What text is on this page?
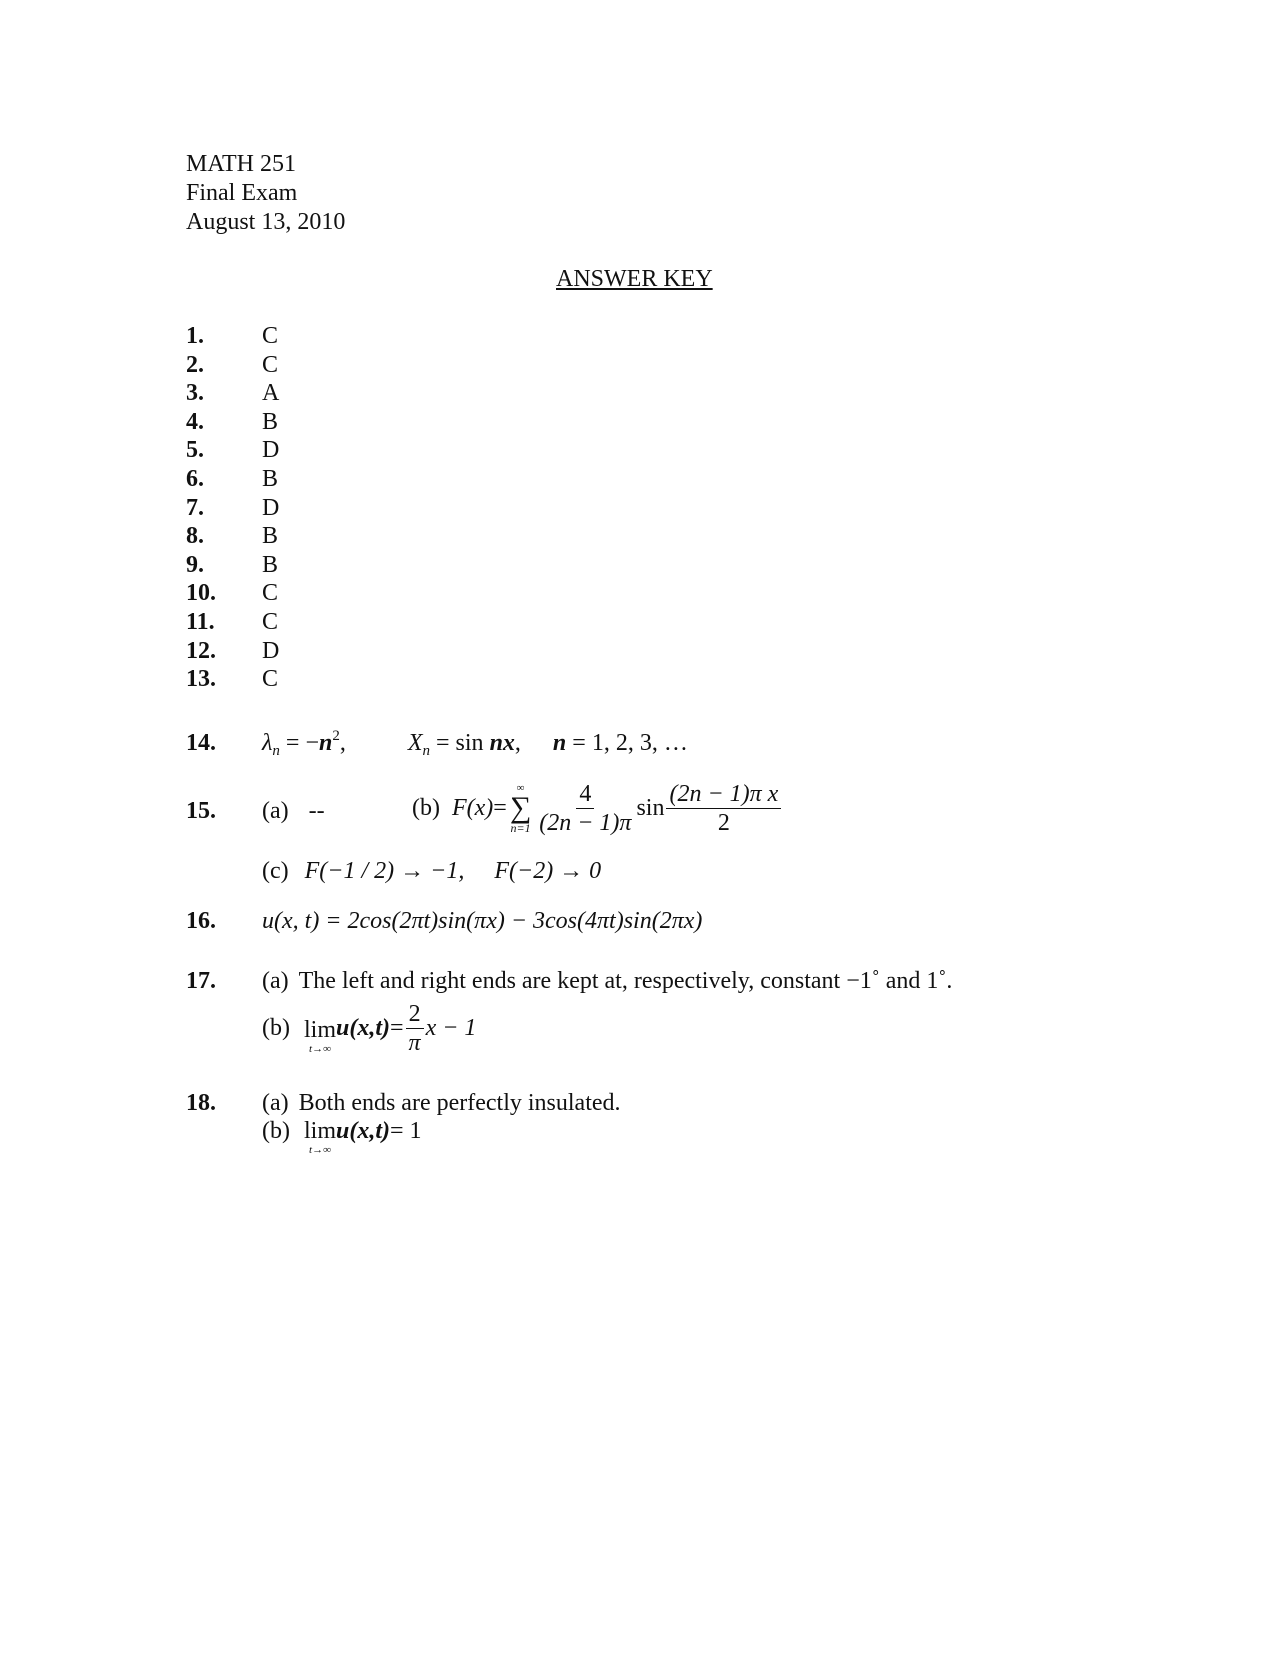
MATH 251
Final Exam
August 13, 2010
ANSWER KEY
1.	C
2.	C
3.	A
4.	B
5.	D
6.	B
7.	D
8.	B
9.	B
10.	C
11.	C
12.	D
13.	C
14.	$\lambda_n = -n^2$,	$X_n = \sin$ nx, n = 1, 2, 3, …
15. (a) --	(b) F(x) =
∞
∑
$n=1 \frac{4}{(2n - 1)\pi}$ $\sin \frac{\text{(2n − 1)π x}}{2}$
(c) F(−1 / 2) → −1, F(−2) → 0
16.	u(x, t) = 2cos(2πt)sin(πx) − 3cos(4πt)sin(2πx)
17.	(a) The left and right ends are kept at, respectively, constant −1˚ and 1˚.
(b) lim
t→∞
$u(x,t) = \frac{2}{\pi}$ x − 1
18.	(a) Both ends are perfectly insulated.
(b) lim
t→∞
u(x,t) = 1
